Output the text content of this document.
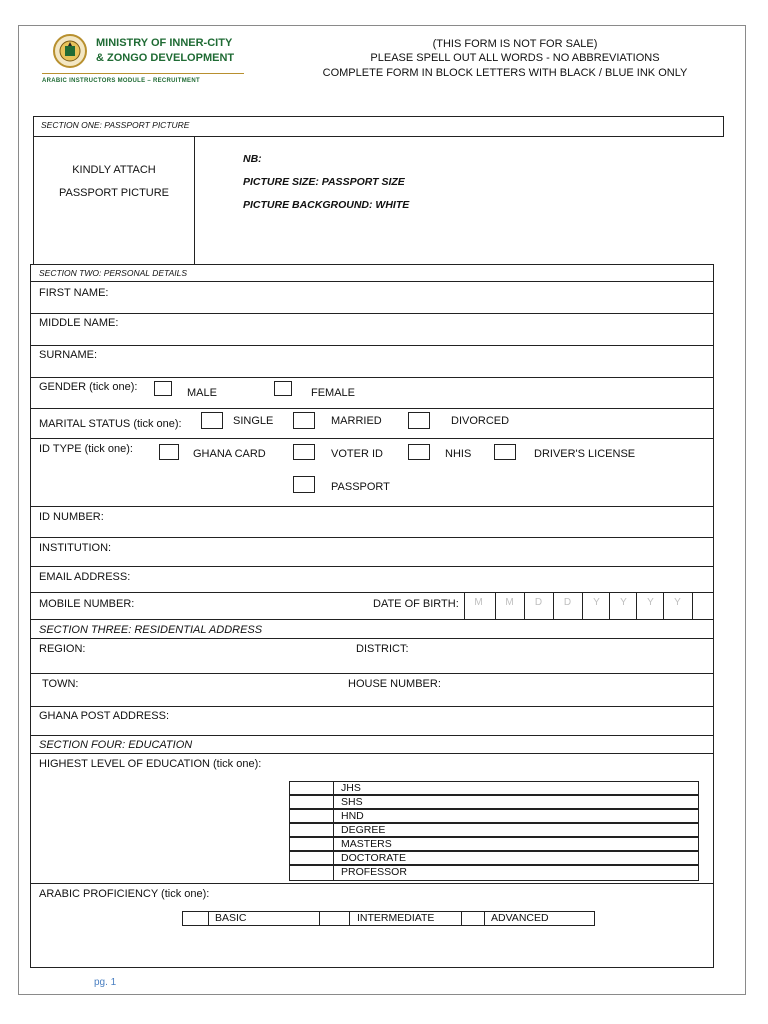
MINISTRY OF INNER-CITY
& ZONGO DEVELOPMENT
ARABIC INSTRUCTORS MODULE – RECRUITMENT
(THIS FORM IS NOT FOR SALE)
PLEASE SPELL OUT ALL WORDS - NO ABBREVIATIONS
COMPLETE FORM IN BLOCK LETTERS WITH BLACK / BLUE INK ONLY
SECTION ONE: PASSPORT PICTURE
KINDLY ATTACH
PASSPORT PICTURE
NB:
PICTURE SIZE: PASSPORT SIZE
PICTURE BACKGROUND: WHITE
SECTION TWO: PERSONAL DETAILS
FIRST NAME:
MIDDLE NAME:
SURNAME:
GENDER (tick one):	MALE	FEMALE
MARITAL STATUS (tick one):	SINGLE	MARRIED	DIVORCED
ID TYPE (tick one):	GHANA CARD	VOTER ID	NHIS	DRIVER'S LICENSE
PASSPORT
ID NUMBER:
INSTITUTION:
EMAIL ADDRESS:
MOBILE NUMBER:	DATE OF BIRTH:	M	M	D	D	Y	Y	Y	Y
SECTION THREE: RESIDENTIAL ADDRESS
REGION:	DISTRICT:
TOWN:	HOUSE NUMBER:
GHANA POST ADDRESS:
SECTION FOUR: EDUCATION
HIGHEST LEVEL OF EDUCATION (tick one):
JHS
SHS
HND
DEGREE
MASTERS
DOCTORATE
PROFESSOR
ARABIC PROFICIENCY (tick one):
BASIC	INTERMEDIATE	ADVANCED
pg. 1
